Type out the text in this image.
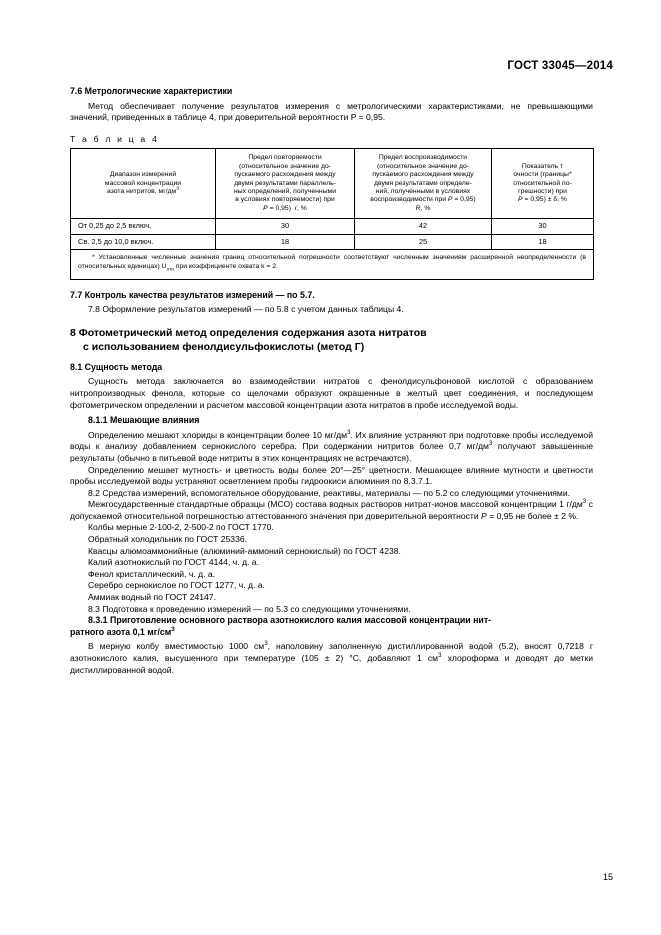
ГОСТ 33045—2014
7.6 Метрологические характеристики

Метод обеспечивает получение результатов измерения с метрологическими характеристиками, не превышающими значений, приведенных в таблице 4, при доверительной вероятности P = 0,95.

Т а б л и ц а 4
Диапазон измерений
массовой концентрации
азота нитритов, $мг/дм^3$	Предел повторяемости
(относительное значение до-
пускаемого расхождения между
двумя результатами параллель-
ных определений, полученными
в условиях повторяемости) при
P = 0,95)  r, %	Предел воспроизводимости
(относительное значение до-
пускаемого расхождения между
двумя результатами определе-
ний, полученными в условиях
воспроизводимости при P = 0,95)
R, %	Показатель т
очности (границы*
относительной по-
грешности) при
P = 0,95) ± δ, %
От 0,25 до 2,5 включ.	30	42	30
Св. 2,5 до 10,0 включ.	18	25	18

* Установленные численные значения границ относительной погрешности соответствуют численным значениям расширенной неопределенности (в относительных единицах) $U_{отн}$ при коэффициенте охвата k = 2.			
7.7 Контроль качества результатов измерений — по 5.7.

7.8 Оформление результатов измерений — по 5.8 с учетом данных таблицы 4.

8 Фотометрический метод определения содержания азота нитратов
с использованием фенолдисульфокислоты (метод Г)
8.1 Сущность метода

Сущность метода заключается во взаимодействии нитратов с фенолдисульфоновой кислотой с образованием нитропроизводных фенола, которые со щелочами образуют окрашенные в желтый цвет соединения, и последующем фотометрическом определении и расчетом массовой концентрации азота нитратов в пробе исследуемой воды.

8.1.1 Мешающие влияния

Определению мешают хлориды в концентрации более 10 $мг/дм^3$. Их влияние устраняют при подготовке пробы исследуемой воды к анализу добавлением сернокислого серебра. При содержании нитритов более 0,7 $мг/дм^3$ получают завышенные результаты (обычно в питьевой воде нитриты в этих концентрациях не встречаются).

Определению мешает мутность- и цветность воды более 20°—25° цветности. Мешающее влияние мутности и цветности пробы исследуемой воды устраняют осветлением пробы гидроокиси алюминия по 8.3.7.1.

8.2 Средства измерений, вспомогательное оборудование, реактивы, материалы — по 5.2 со следующими уточнениями.

Межгосударственные стандартные образцы (МСО) состава водных растворов нитрат-ионов массовой концентрации 1 $г/дм^3$ с допускаемой относительной погрешностью аттестованного значения при доверительной вероятности P = 0,95 не более ± 2 %.

Колбы мерные 2-100-2, 2-500-2 по ГОСТ 1770.

Обратный холодильник по ГОСТ 25336.

Квасцы алюмоаммонийные (алюминий-аммоний сернокислый) по ГОСТ 4238.

Калий азотнокислый по ГОСТ 4144, ч. д. а.

Фенол кристаллический, ч. д. а.

Серебро сернокислое по ГОСТ 1277, ч. д. а.

Аммиак водный по ГОСТ 24147.

8.3 Подготовка к проведению измерений — по 5.3 со следующими уточнениями.

8.3.1 Приготовление основного раствора азотнокислого калия массовой концентрации нит-
ратного азота 0,1 $мг/см^3$

В мерную колбу вместимостью 1000 $см^3$, наполовину заполненную дистиллированной водой (5.2), вносят 0,7218 г азотнокислого калия, высушенного при температуре (105 ± 2) °С, добавляют 1 $см^3$ хлороформа и доводят до метки дистиллированной водой.

15
